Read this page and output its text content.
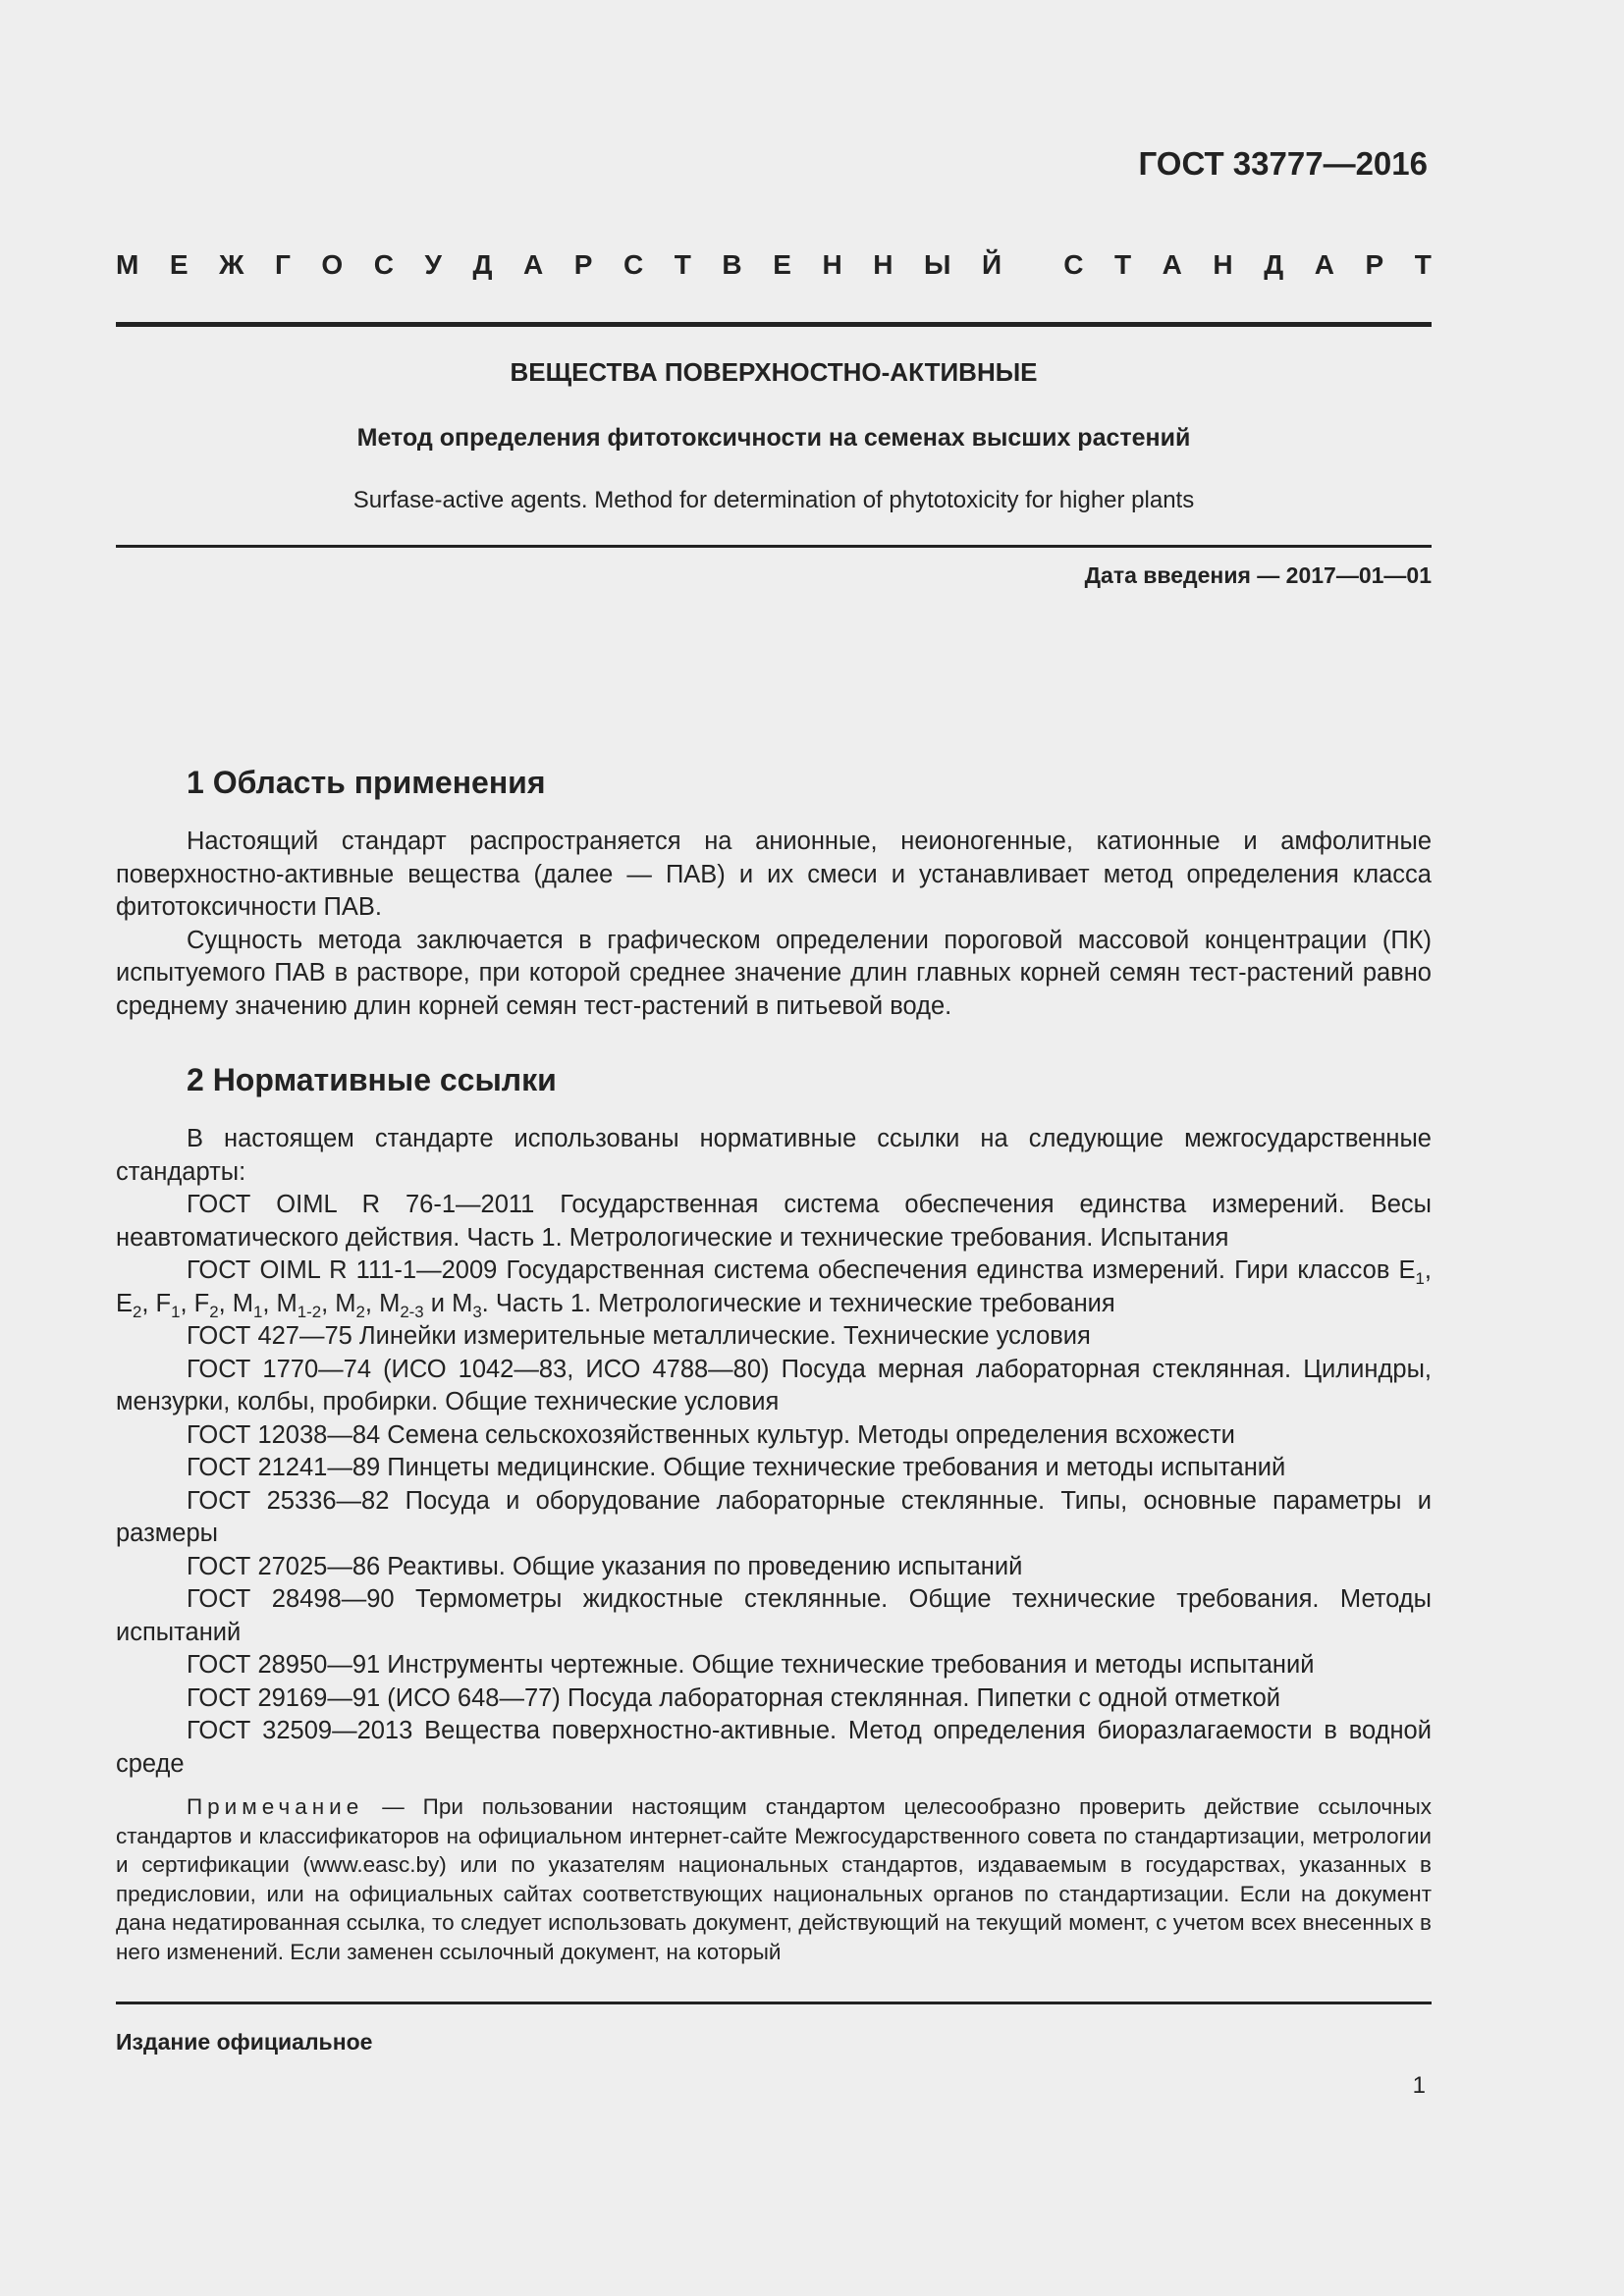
ГОСТ 33777—2016
М Е Ж Г О С У Д А Р С Т В Е Н Н Ы Й С Т А Н Д А Р Т
ВЕЩЕСТВА ПОВЕРХНОСТНО-АКТИВНЫЕ
Метод определения фитотоксичности на семенах высших растений
Surfase-active agents. Method for determination of phytotoxicity for higher plants
Дата введения — 2017—01—01
1 Область применения

Настоящий стандарт распространяется на анионные, неионогенные, катионные и амфолитные поверхностно-активные вещества (далее — ПАВ) и их смеси и устанавливает метод определения класса фитотоксичности ПАВ.

Сущность метода заключается в графическом определении пороговой массовой концентрации (ПК) испытуемого ПАВ в растворе, при которой среднее значение длин главных корней семян тест-растений равно среднему значению длин корней семян тест-растений в питьевой воде.

2 Нормативные ссылки

В настоящем стандарте использованы нормативные ссылки на следующие межгосударственные стандарты:

ГОСТ OIML R 76-1—2011 Государственная система обеспечения единства измерений. Весы неавтоматического действия. Часть 1. Метрологические и технические требования. Испытания

ГОСТ OIML R 111-1—2009 Государственная система обеспечения единства измерений. Гири классов $E_1$, $E_2$, $F_1$, $F_2$, $M_1$, $M_{1-2}$, $M_2$, $M_{2-3}$ и $M_3$. Часть 1. Метрологические и технические требования

ГОСТ 427—75 Линейки измерительные металлические. Технические условия

ГОСТ 1770—74 (ИСО 1042—83, ИСО 4788—80) Посуда мерная лабораторная стеклянная. Цилиндры, мензурки, колбы, пробирки. Общие технические условия

ГОСТ 12038—84 Семена сельскохозяйственных культур. Методы определения всхожести

ГОСТ 21241—89 Пинцеты медицинские. Общие технические требования и методы испытаний

ГОСТ 25336—82 Посуда и оборудование лабораторные стеклянные. Типы, основные параметры и размеры

ГОСТ 27025—86 Реактивы. Общие указания по проведению испытаний

ГОСТ 28498—90 Термометры жидкостные стеклянные. Общие технические требования. Методы испытаний

ГОСТ 28950—91 Инструменты чертежные. Общие технические требования и методы испытаний

ГОСТ 29169—91 (ИСО 648—77) Посуда лабораторная стеклянная. Пипетки с одной отметкой

ГОСТ 32509—2013 Вещества поверхностно-активные. Метод определения биоразлагаемости в водной среде

Примечание — При пользовании настоящим стандартом целесообразно проверить действие ссылочных стандартов и классификаторов на официальном интернет-сайте Межгосударственного совета по стандартизации, метрологии и сертификации (www.easc.by) или по указателям национальных стандартов, издаваемым в государствах, указанных в предисловии, или на официальных сайтах соответствующих национальных органов по стандартизации. Если на документ дана недатированная ссылка, то следует использовать документ, действующий на текущий момент, с учетом всех внесенных в него изменений. Если заменен ссылочный документ, на который

Издание официальное
1
